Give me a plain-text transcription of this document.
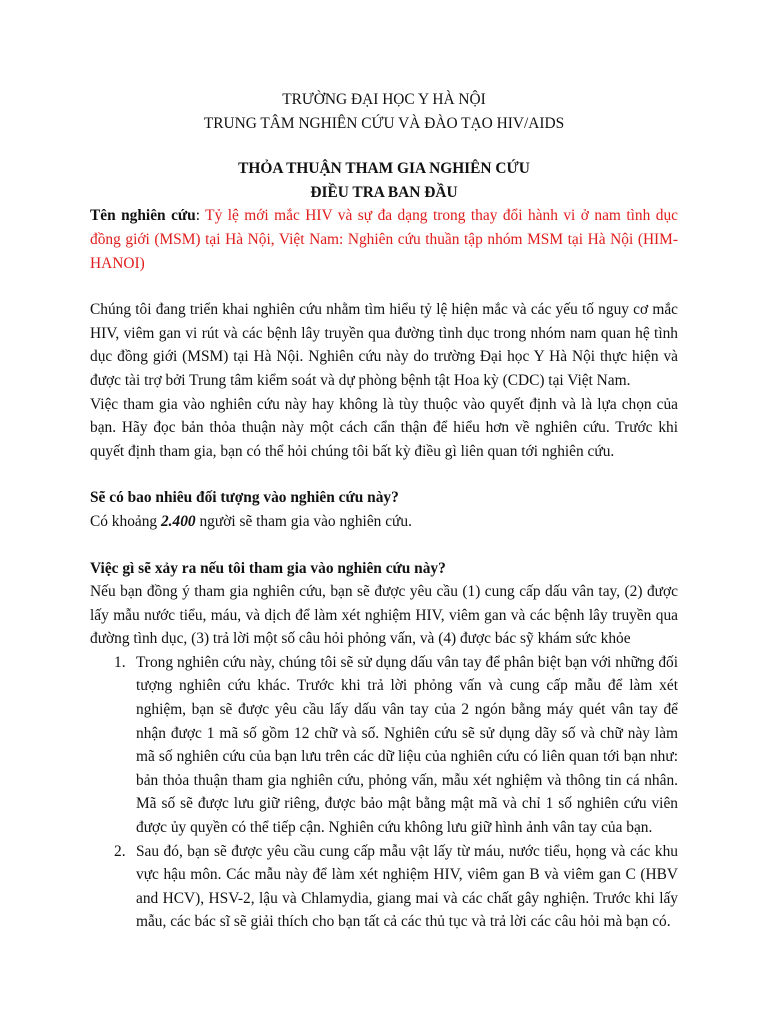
TRƯỜNG ĐẠI HỌC Y HÀ NỘI
TRUNG TÂM NGHIÊN CỨU VÀ ĐÀO TẠO HIV/AIDS
THỎA THUẬN THAM GIA NGHIÊN CỨU
ĐIỀU TRA BAN ĐẦU

Tên nghiên cứu: Tỷ lệ mới mắc HIV và sự đa dạng trong thay đổi hành vi ở nam tình dục đồng giới (MSM) tại Hà Nội, Việt Nam: Nghiên cứu thuần tập nhóm MSM tại Hà Nội (HIM-HANOI)

Chúng tôi đang triển khai nghiên cứu nhằm tìm hiểu tỷ lệ hiện mắc và các yếu tố nguy cơ mắc HIV, viêm gan vi rút và các bệnh lây truyền qua đường tình dục trong nhóm nam quan hệ tình dục đồng giới (MSM) tại Hà Nội. Nghiên cứu này do trường Đại học Y Hà Nội thực hiện và được tài trợ bởi Trung tâm kiểm soát và dự phòng bệnh tật Hoa kỳ (CDC) tại Việt Nam.

Việc tham gia vào nghiên cứu này hay không là tùy thuộc vào quyết định và là lựa chọn của bạn. Hãy đọc bản thỏa thuận này một cách cẩn thận để hiểu hơn về nghiên cứu. Trước khi quyết định tham gia, bạn có thể hỏi chúng tôi bất kỳ điều gì liên quan tới nghiên cứu.

Sẽ có bao nhiêu đối tượng vào nghiên cứu này?

Có khoảng 2.400 người sẽ tham gia vào nghiên cứu.

Việc gì sẽ xảy ra nếu tôi tham gia vào nghiên cứu này?

Nếu bạn đồng ý tham gia nghiên cứu, bạn sẽ được yêu cầu (1) cung cấp dấu vân tay, (2) được lấy mẫu nước tiểu, máu, và dịch để làm xét nghiệm HIV, viêm gan và các bệnh lây truyền qua đường tình dục, (3) trả lời một số câu hỏi phỏng vấn, và (4) được bác sỹ khám sức khỏe

1. Trong nghiên cứu này, chúng tôi sẽ sử dụng dấu vân tay để phân biệt bạn với những đối tượng nghiên cứu khác. Trước khi trả lời phỏng vấn và cung cấp mẫu để làm xét nghiệm, bạn sẽ được yêu cầu lấy dấu vân tay của 2 ngón bằng máy quét vân tay để nhận được 1 mã số gồm 12 chữ và số. Nghiên cứu sẽ sử dụng dãy số và chữ này làm mã số nghiên cứu của bạn lưu trên các dữ liệu của nghiên cứu có liên quan tới bạn như: bản thỏa thuận tham gia nghiên cứu, phỏng vấn, mẫu xét nghiệm và thông tin cá nhân. Mã số sẽ được lưu giữ riêng, được bảo mật bằng mật mã và chỉ 1 số nghiên cứu viên được ủy quyền có thể tiếp cận. Nghiên cứu không lưu giữ hình ảnh vân tay của bạn.
2. Sau đó, bạn sẽ được yêu cầu cung cấp mẫu vật lấy từ máu, nước tiểu, họng và các khu vực hậu môn. Các mẫu này để làm xét nghiệm HIV, viêm gan B và viêm gan C (HBV and HCV), HSV-2, lậu và Chlamydia, giang mai và các chất gây nghiện. Trước khi lấy mẫu, các bác sĩ sẽ giải thích cho bạn tất cả các thủ tục và trả lời các câu hỏi mà bạn có.
